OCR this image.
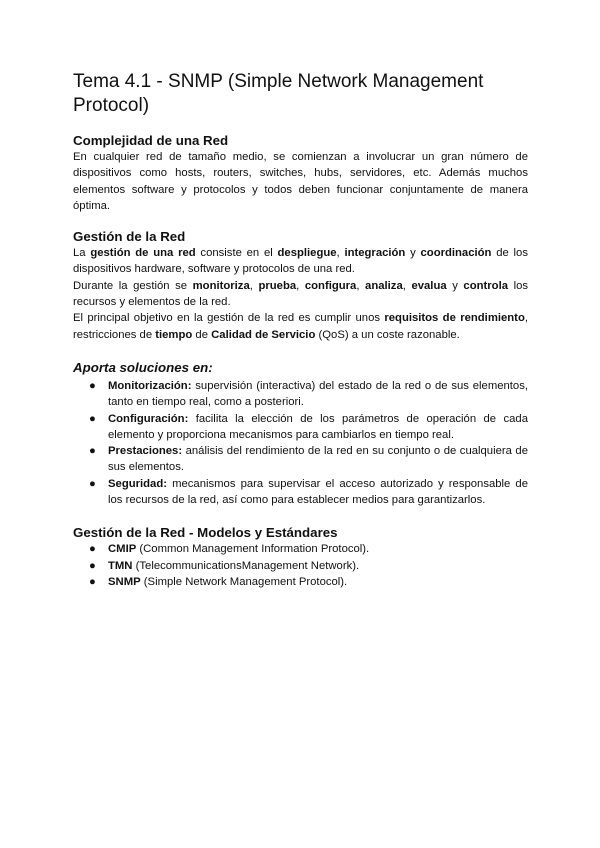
Tema 4.1 - SNMP (Simple Network Management Protocol)
Complejidad de una Red

En cualquier red de tamaño medio, se comienzan a involucrar un gran número de dispositivos como hosts, routers, switches, hubs, servidores, etc. Además muchos elementos software y protocolos y todos deben funcionar conjuntamente de manera óptima.

Gestión de la Red

La gestión de una red consiste en el despliegue, integración y coordinación de los dispositivos hardware, software y protocolos de una red.

Durante la gestión se monitoriza, prueba, configura, analiza, evalua y controla los recursos y elementos de la red.

El principal objetivo en la gestión de la red es cumplir unos requisitos de rendimiento, restricciones de tiempo de Calidad de Servicio (QoS) a un coste razonable.

Aporta soluciones en:

● Monitorización: supervisión (interactiva) del estado de la red o de sus elementos, tanto en tiempo real, como a posteriori.
● Configuración: facilita la elección de los parámetros de operación de cada elemento y proporciona mecanismos para cambiarlos en tiempo real.
● Prestaciones: análisis del rendimiento de la red en su conjunto o de cualquiera de sus elementos.
● Seguridad: mecanismos para supervisar el acceso autorizado y responsable de los recursos de la red, así como para establecer medios para garantizarlos.
Gestión de la Red - Modelos y Estándares
● CMIP (Common Management Information Protocol).
● TMN (TelecommunicationsManagement Network).
● SNMP (Simple Network Management Protocol).
